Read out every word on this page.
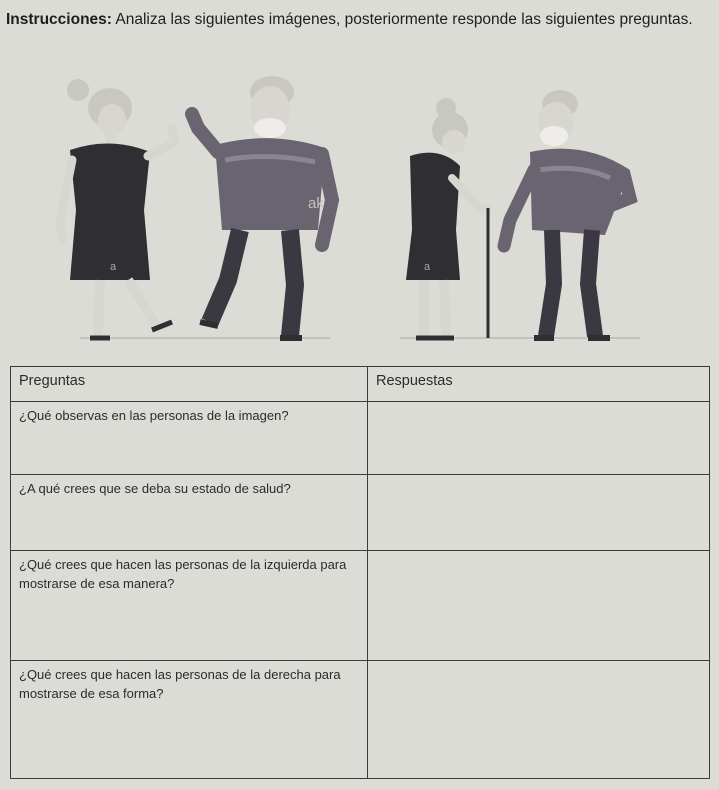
Instrucciones: Analiza las siguientes imágenes, posteriormente responde las siguientes preguntas.
a
ak
a
Preguntas	Respuestas
¿Qué observas en las personas de la imagen?	
¿A qué crees que se deba su estado de salud?	
¿Qué crees que hacen las personas de la izquierda para mostrarse de esa manera?	
¿Qué crees que hacen las personas de la derecha para mostrarse de esa forma?	
